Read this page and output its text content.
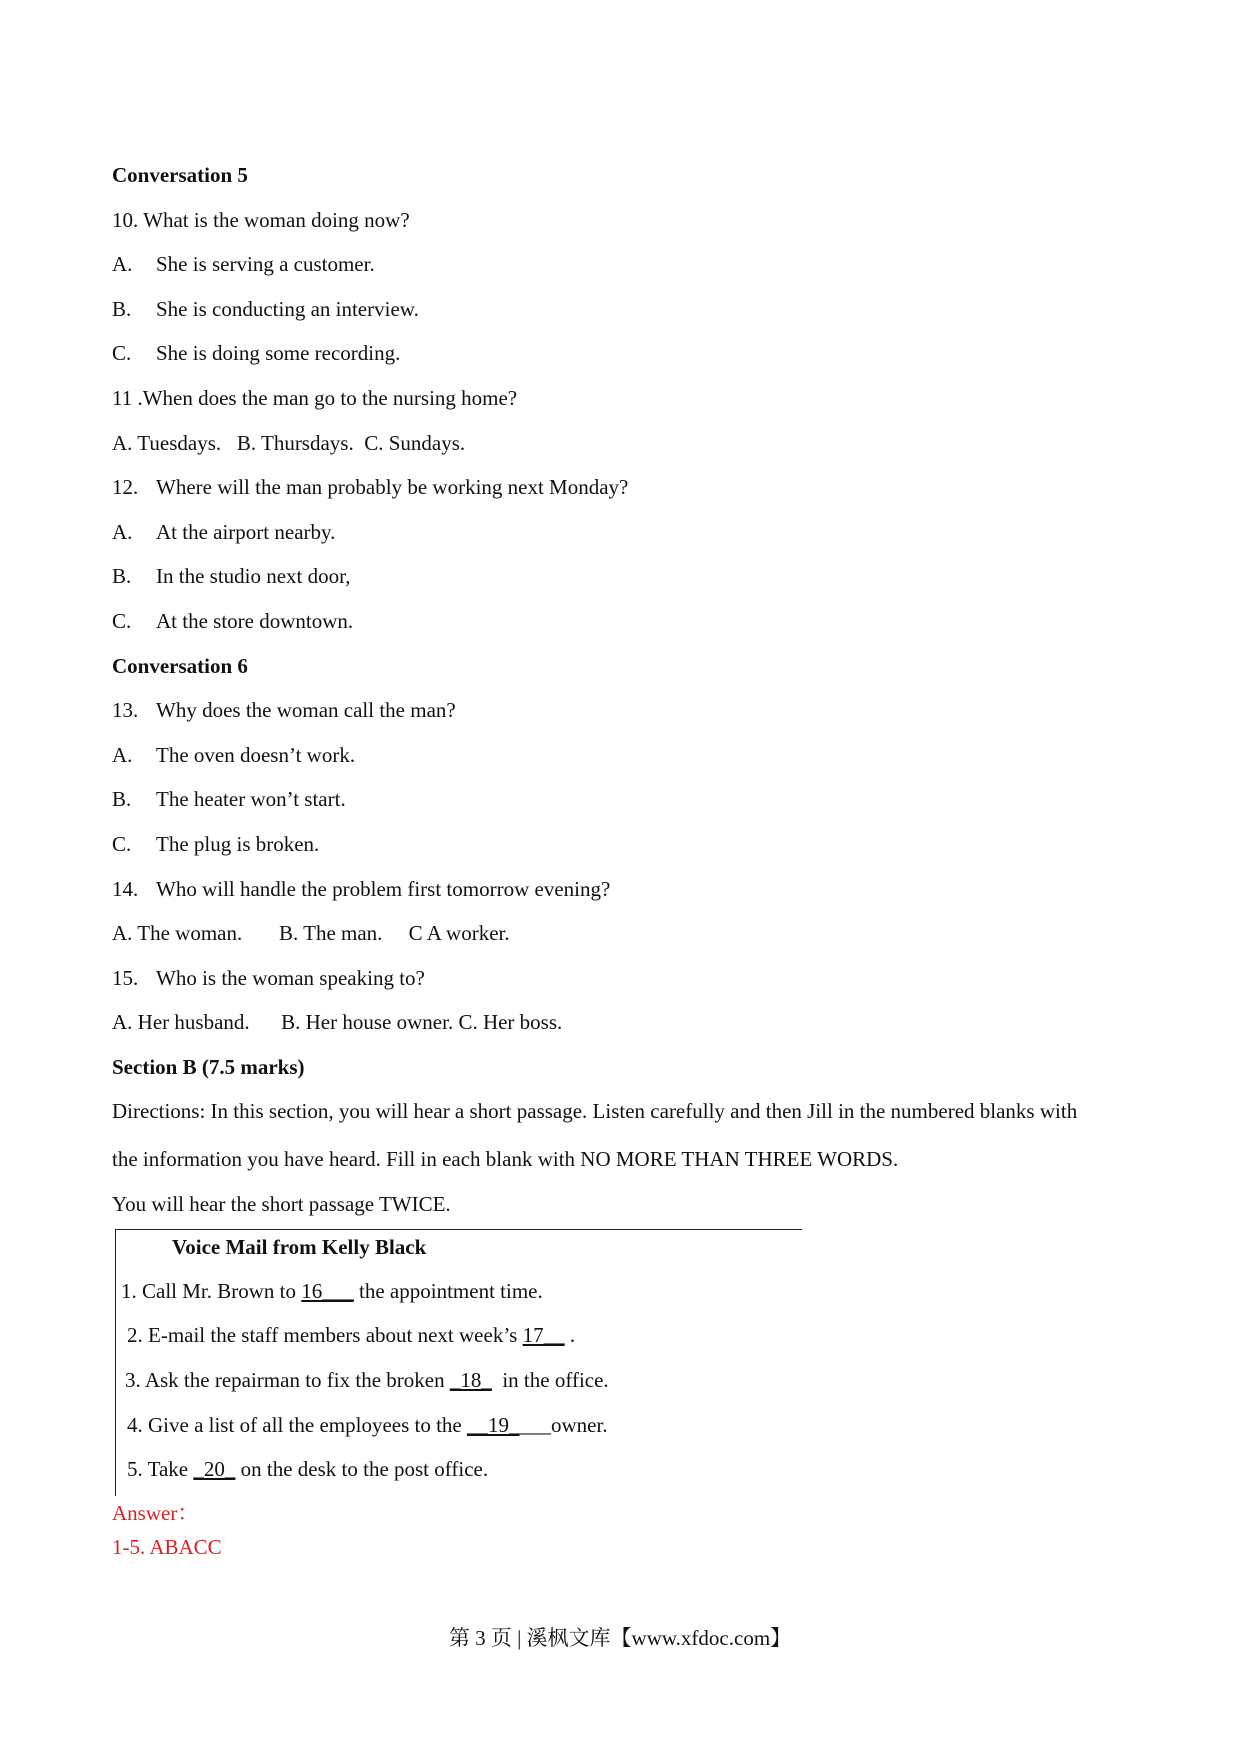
Conversation 5
10. What is the woman doing now?
A. She is serving a customer.
B. She is conducting an interview.
C. She is doing some recording.
11 .When does the man go to the nursing home?
A. Tuesdays.   B. Thursdays.  C. Sundays.
12. Where will the man probably be working next Monday?
A. At the airport nearby.
B. In the studio next door,
C. At the store downtown.
Conversation 6
13. Why does the woman call the man?
A. The oven doesn’t work.
B. The heater won’t start.
C. The plug is broken.
14. Who will handle the problem first tomorrow evening?
A. The woman.       B. The man.     C A worker.
15. Who is the woman speaking to?
A. Her husband.      B. Her house owner. C. Her boss.
Section B (7.5 marks)
Directions: In this section, you will hear a short passage. Listen carefully and then Jill in the numbered blanks with
the information you have heard. Fill in each blank with NO MORE THAN THREE WORDS.
You will hear the short passage TWICE.
Voice Mail from Kelly Black
1. Call Mr. Brown to 16___ the appointment time.
2. E-mail the staff members about next week’s 17__ .
3. Ask the repairman to fix the broken _18_  in the office.
4. Give a list of all the employees to the __19____owner.
5. Take _20_ on the desk to the post office.
Answer：
1-5. ABACC
第 3 页 | 溪枫文库【www.xfdoc.com】
